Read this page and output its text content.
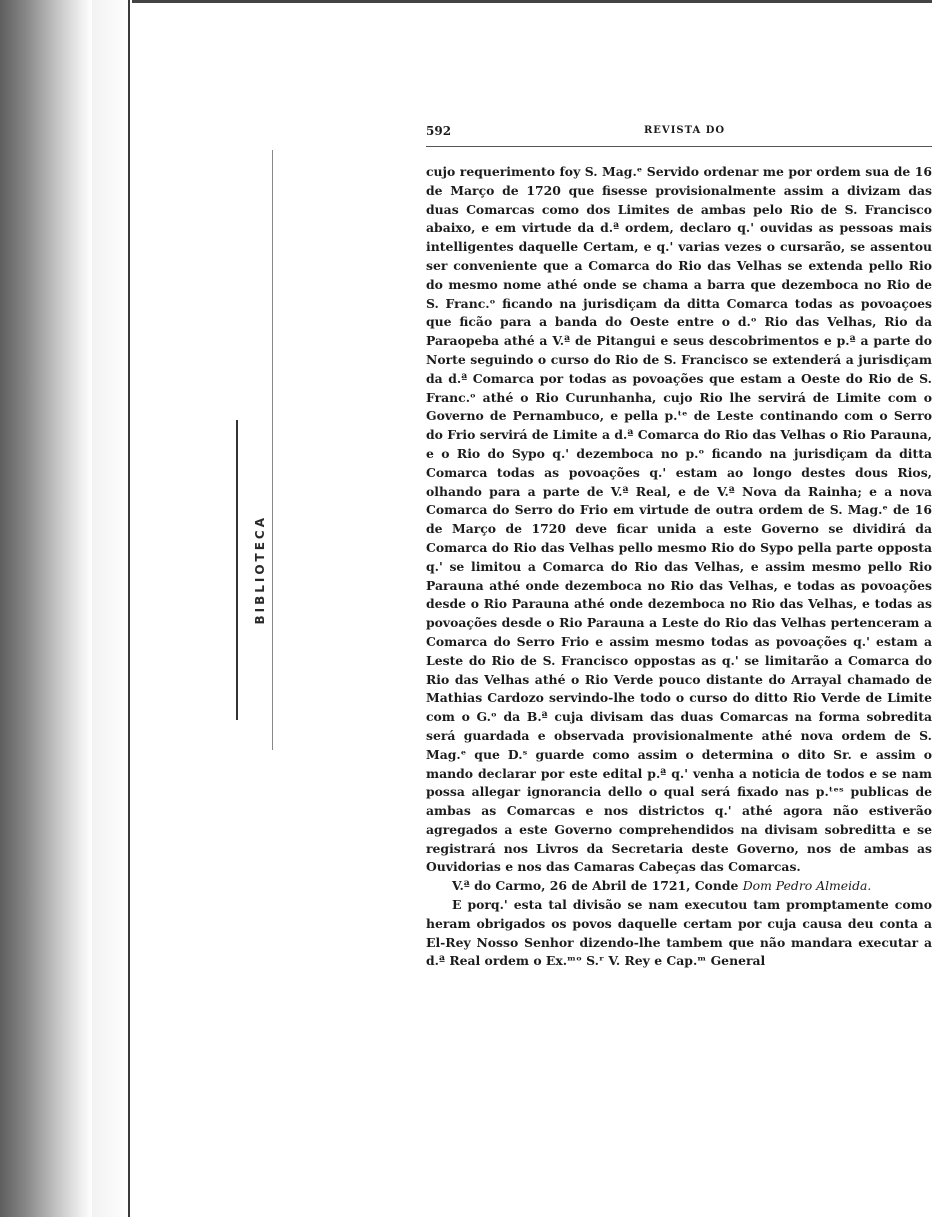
BIBLIOTECA
592	REVISTA DO

cujo requerimento foy S. Mag.ᵉ Servido ordenar me por ordem sua de 16 de Março de 1720 que fisesse provisionalmente assim a divizam das duas Comarcas como dos Limites de ambas pelo Rio de S. Francisco abaixo, e em virtude da d.ª ordem, declaro q.' ouvidas as pessoas mais intelligentes daquelle Certam, e q.' varias vezes o cursarão, se assentou ser conveniente que a Comarca do Rio das Velhas se extenda pello Rio do mesmo nome athé onde se chama a barra que dezemboca no Rio de S. Franc.ᵒ ficando na jurisdiçam da ditta Comarca todas as povoaçoes que ficão para a banda do Oeste entre o d.ᵒ Rio das Velhas, Rio da Paraopeba athé a V.ª de Pitangui e seus descobrimentos e p.ª a parte do Norte seguindo o curso do Rio de S. Francisco se extenderá a jurisdiçam da d.ª Comarca por todas as povoações que estam a Oeste do Rio de S. Franc.ᵒ athé o Rio Curunhanha, cujo Rio lhe servirá de Limite com o Governo de Pernambuco, e pella p.ᵗᵉ de Leste continando com o Serro do Frio servirá de Limite a d.ª Comarca do Rio das Velhas o Rio Parauna, e o Rio do Sypo q.' dezemboca no p.ᵒ ficando na jurisdiçam da ditta Comarca todas as povoações q.' estam ao longo destes dous Rios, olhando para a parte de V.ª Real, e de V.ª Nova da Rainha; e a nova Comarca do Serro do Frio em virtude de outra ordem de S. Mag.ᵉ de 16 de Março de 1720 deve ficar unida a este Governo se dividirá da Comarca do Rio das Velhas pello mesmo Rio do Sypo pella parte opposta q.' se limitou a Comarca do Rio das Velhas, e assim mesmo pello Rio Parauna athé onde dezemboca no Rio das Velhas, e todas as povoações desde o Rio Parauna athé onde dezemboca no Rio das Velhas, e todas as povoações desde o Rio Parauna a Leste do Rio das Velhas pertenceram a Comarca do Serro Frio e assim mesmo todas as povoações q.' estam a Leste do Rio de S. Francisco oppostas as q.' se limitarão a Comarca do Rio das Velhas athé o Rio Verde pouco distante do Arrayal chamado de Mathias Cardozo servindo-lhe todo o curso do ditto Rio Verde de Limite com o G.ᵒ da B.ª cuja divisam das duas Comarcas na forma sobredita será guardada e observada provisionalmente athé nova ordem de S. Mag.ᵉ que D.ˢ guarde como assim o determina o dito Sr. e assim o mando declarar por este edital p.ª q.' venha a noticia de todos e se nam possa allegar ignorancia dello o qual será fixado nas p.ᵗᵉˢ publicas de ambas as Comarcas e nos districtos q.' athé agora não estiverão agregados a este Governo comprehendidos na divisam sobreditta e se registrará nos Livros da Secretaria deste Governo, nos de ambas as Ouvidorias e nos das Camaras Cabeças das Comarcas.

V.ª do Carmo, 26 de Abril de 1721, Conde Dom Pedro Almeida.

E porq.' esta tal divisão se nam executou tam promptamente como heram obrigados os povos daquelle certam por cuja causa deu conta a El-Rey Nosso Senhor dizendo-lhe tambem que não mandara executar a d.ª Real ordem o Ex.ᵐᵒ S.ʳ V. Rey e Cap.ᵐ General
